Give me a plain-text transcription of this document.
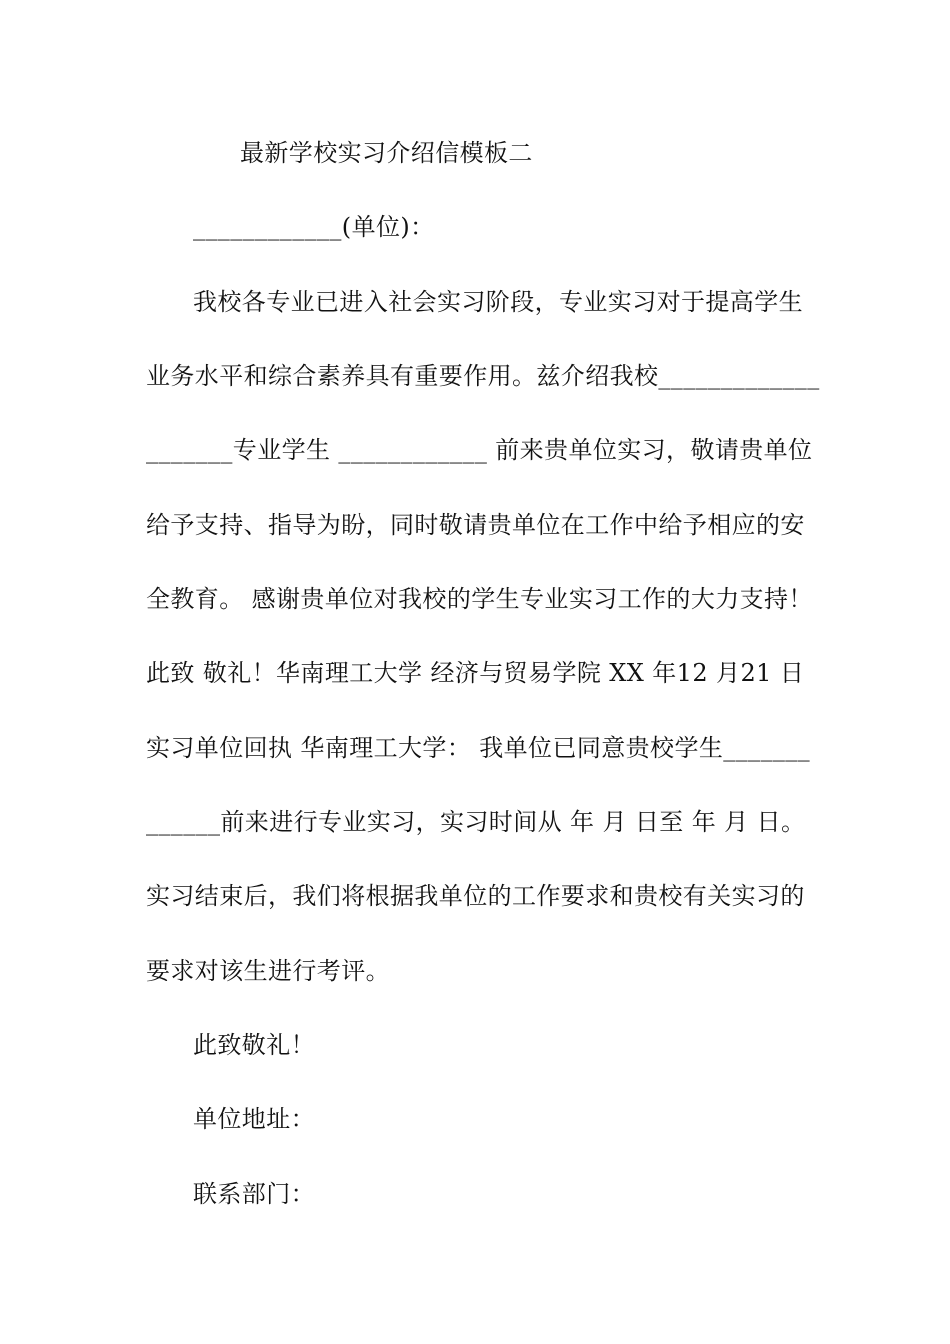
最新学校实习介绍信模板二
____________(单位)：
我校各专业已进入社会实习阶段，专业实习对于提高学生
业务水平和综合素养具有重要作用。兹介绍我校_____________
_______专业学生 ____________ 前来贵单位实习，敬请贵单位
给予支持、指导为盼，同时敬请贵单位在工作中给予相应的安
全教育。 感谢贵单位对我校的学生专业实习工作的大力支持！
此致 敬礼！华南理工大学 经济与贸易学院 XX 年12 月21 日
实习单位回执 华南理工大学： 我单位已同意贵校学生_______
______前来进行专业实习，实习时间从 年 月 日至 年 月 日。
实习结束后，我们将根据我单位的工作要求和贵校有关实习的
要求对该生进行考评。
此致敬礼！
单位地址：
联系部门：
